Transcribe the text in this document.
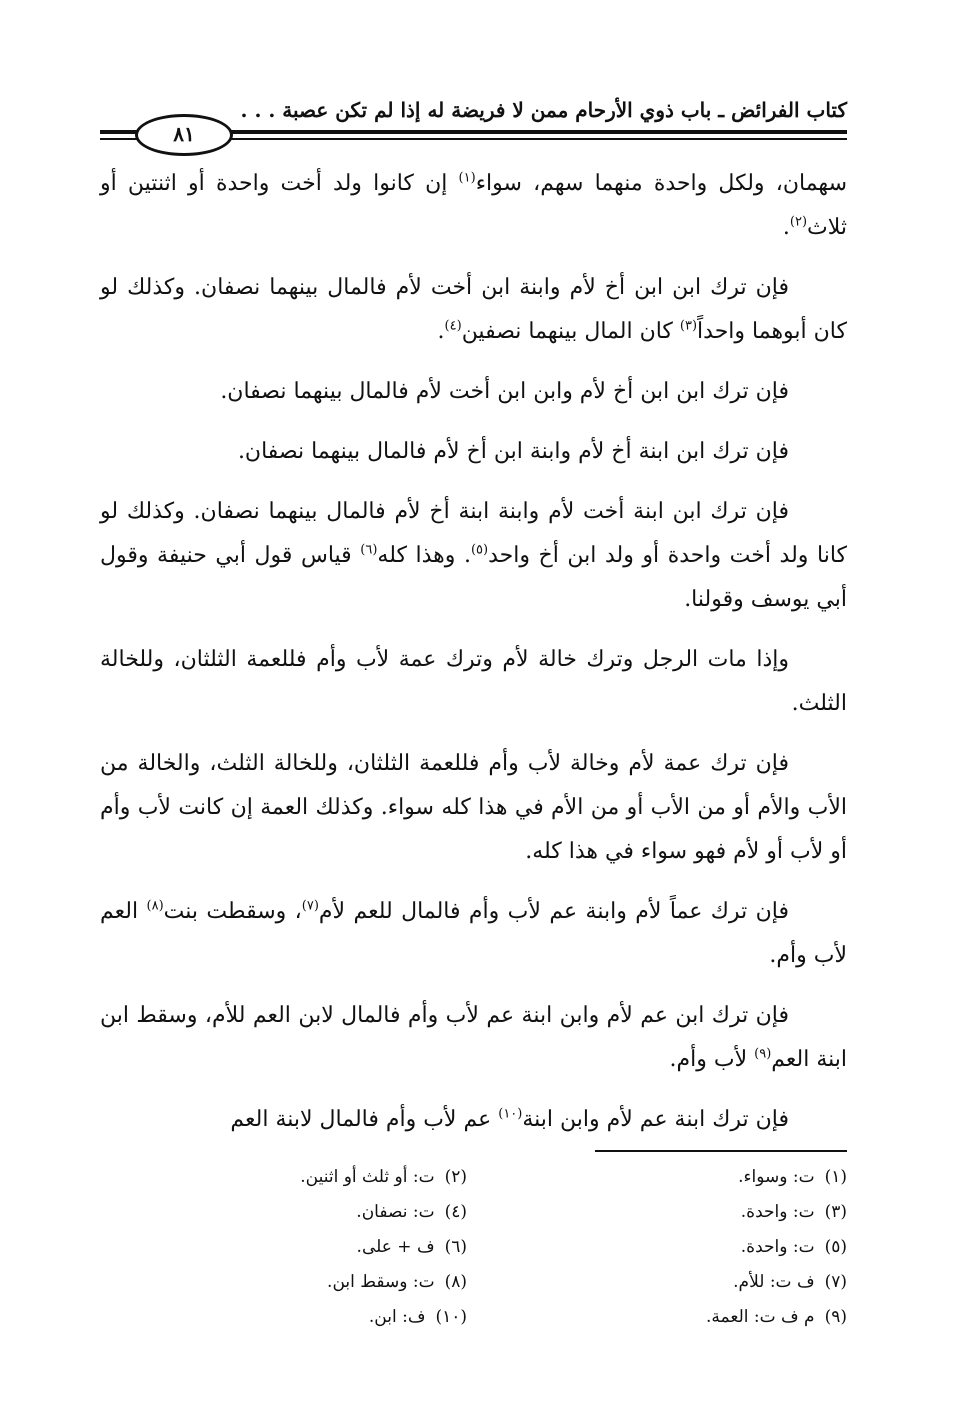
كتاب الفرائض ـ باب ذوي الأرحام ممن لا فريضة له إذا لم تكن عصبة . . .
٨١

سهمان، ولكل واحدة منهما سهم، سواء$^{(١)}$ إن كانوا ولد أخت واحدة أو اثنتين أو ثلاث$^{(٢)}$.

فإن ترك ابن ابن أخ لأم وابنة ابن أخت لأم فالمال بينهما نصفان. وكذلك لو كان أبوهما واحداً$^{(٣)}$ كان المال بينهما نصفين$^{(٤)}$.

فإن ترك ابن ابن أخ لأم وابن ابن أخت لأم فالمال بينهما نصفان.

فإن ترك ابن ابنة أخ لأم وابنة ابن أخ لأم فالمال بينهما نصفان.

فإن ترك ابن ابنة أخت لأم وابنة ابنة أخ لأم فالمال بينهما نصفان. وكذلك لو كانا ولد أخت واحدة أو ولد ابن أخ واحد$^{(٥)}$. وهذا كله$^{(٦)}$ قياس قول أبي حنيفة وقول أبي يوسف وقولنا.

وإذا مات الرجل وترك خالة لأم وترك عمة لأب وأم فللعمة الثلثان، وللخالة الثلث.

فإن ترك عمة لأم وخالة لأب وأم فللعمة الثلثان، وللخالة الثلث، والخالة من الأب والأم أو من الأب أو من الأم في هذا كله سواء. وكذلك العمة إن كانت لأب وأم أو لأب أو لأم فهو سواء في هذا كله.

فإن ترك عماً لأم وابنة عم لأب وأم فالمال للعم لأم$^{(٧)}$، وسقطت بنت$^{(٨)}$ العم لأب وأم.

فإن ترك ابن عم لأم وابن ابنة عم لأب وأم فالمال لابن العم للأم، وسقط ابن ابنة العم$^{(٩)}$ لأب وأم.

فإن ترك ابنة عم لأم وابن ابنة$^{(١٠)}$ عم لأب وأم فالمال لابنة العم

(١)ت: وسواء.
(٣)ت: واحدة.
(٥)ت: واحدة.
(٧)ف ت: للأم.
(٩)م ف ت: العمة.
(٢)ت: أو ثلث أو اثنين.
(٤)ت: نصفان.
(٦)ف + على.
(٨)ت: وسقط ابن.
(١٠)ف: ابن.
